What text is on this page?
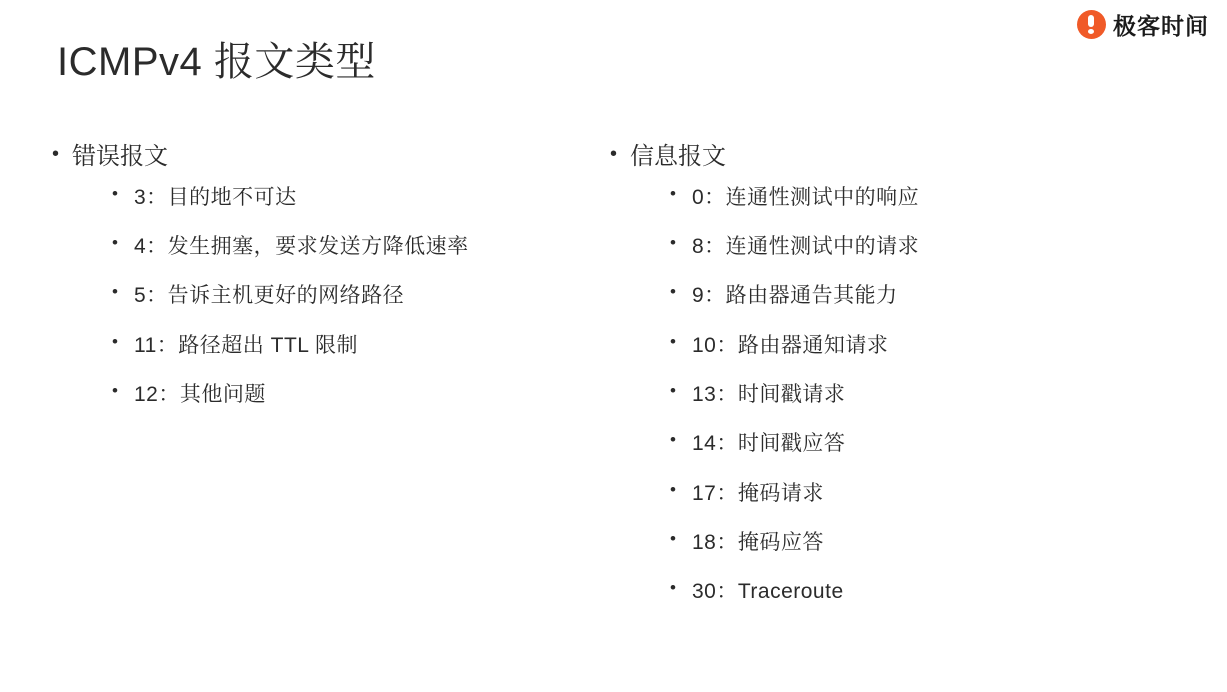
极客时间
ICMPv4 报文类型
• 错误报文
• 3：目的地不可达
• 4：发生拥塞，要求发送方降低速率
• 5：告诉主机更好的网络路径
• 11：路径超出 TTL 限制
• 12：其他问题
• 信息报文
• 0：连通性测试中的响应
• 8：连通性测试中的请求
• 9：路由器通告其能力
• 10：路由器通知请求
• 13：时间戳请求
• 14：时间戳应答
• 17：掩码请求
• 18：掩码应答
• 30：Traceroute
